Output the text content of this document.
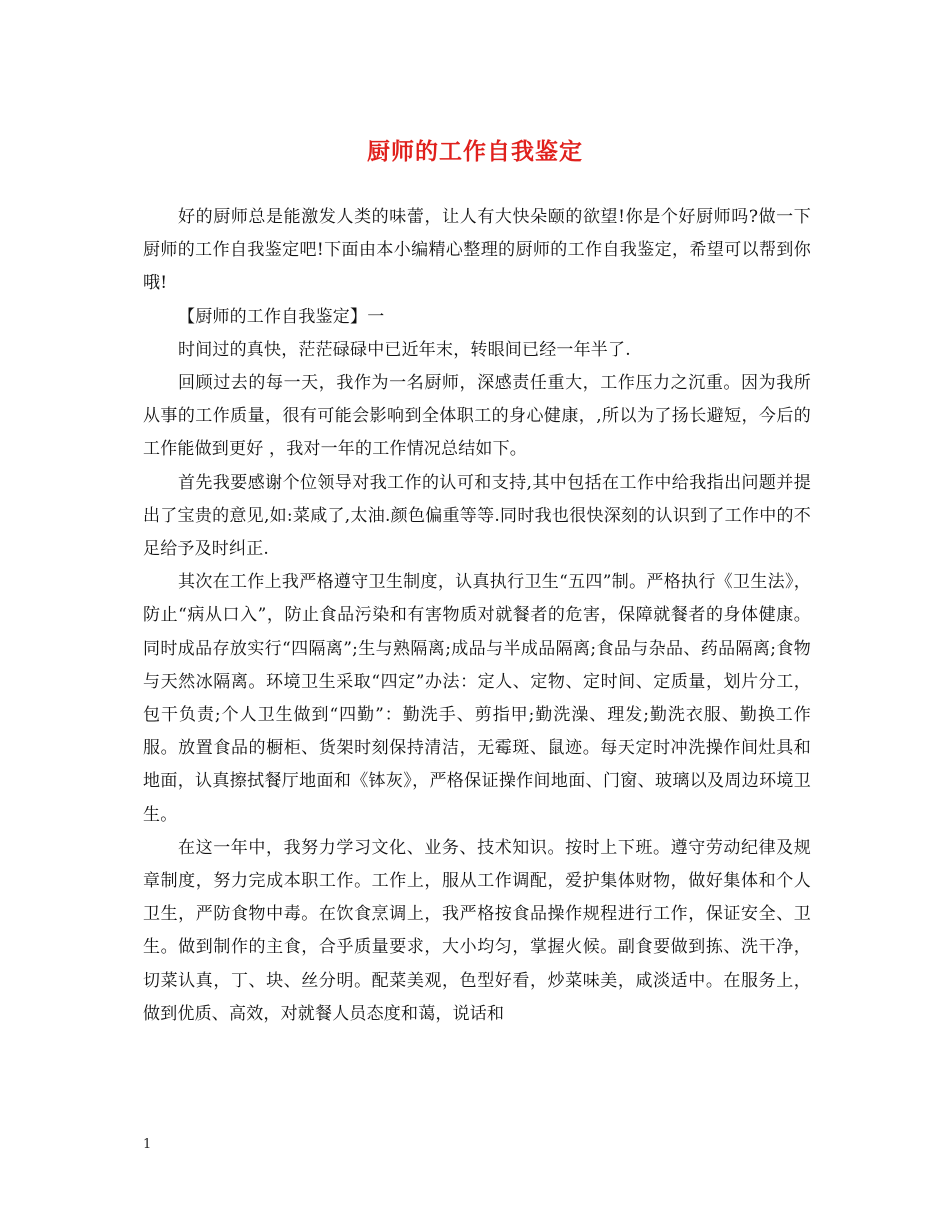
厨师的工作自我鉴定

好的厨师总是能激发人类的味蕾，让人有大快朵颐的欲望!你是个好厨师吗?做一下厨师的工作自我鉴定吧!下面由本小编精心整理的厨师的工作自我鉴定，希望可以帮到你哦!

【厨师的工作自我鉴定】一

时间过的真快，茫茫碌碌中已近年末，转眼间已经一年半了.

回顾过去的每一天，我作为一名厨师，深感责任重大，工作压力之沉重。因为我所从事的工作质量，很有可能会影响到全体职工的身心健康，,所以为了扬长避短，今后的工作能做到更好 ，我对一年的工作情况总结如下。

首先我要感谢个位领导对我工作的认可和支持,其中包括在工作中给我指出问题并提出了宝贵的意见,如:菜咸了,太油.颜色偏重等等.同时我也很快深刻的认识到了工作中的不足给予及时纠正.

其次在工作上我严格遵守卫生制度，认真执行卫生“五四”制。严格执行《卫生法》，防止“病从口入”，防止食品污染和有害物质对就餐者的危害，保障就餐者的身体健康。同时成品存放实行“四隔离”;生与熟隔离;成品与半成品隔离;食品与杂品、药品隔离;食物与天然冰隔离。环境卫生采取“四定”办法：定人、定物、定时间、定质量，划片分工，包干负责;个人卫生做到“四勤”：勤洗手、剪指甲;勤洗澡、理发;勤洗衣服、勤换工作服。放置食品的橱柜、货架时刻保持清洁，无霉斑、鼠迹。每天定时冲洗操作间灶具和地面，认真擦拭餐厅地面和《钵灰》，严格保证操作间地面、门窗、玻璃以及周边环境卫生。

在这一年中，我努力学习文化、业务、技术知识。按时上下班。遵守劳动纪律及规章制度，努力完成本职工作。工作上，服从工作调配，爱护集体财物，做好集体和个人卫生，严防食物中毒。在饮食烹调上，我严格按食品操作规程进行工作，保证安全、卫生。做到制作的主食，合乎质量要求，大小均匀，掌握火候。副食要做到拣、洗干净，切菜认真，丁、块、丝分明。配菜美观，色型好看，炒菜味美，咸淡适中。在服务上，做到优质、高效，对就餐人员态度和蔼，说话和

1
